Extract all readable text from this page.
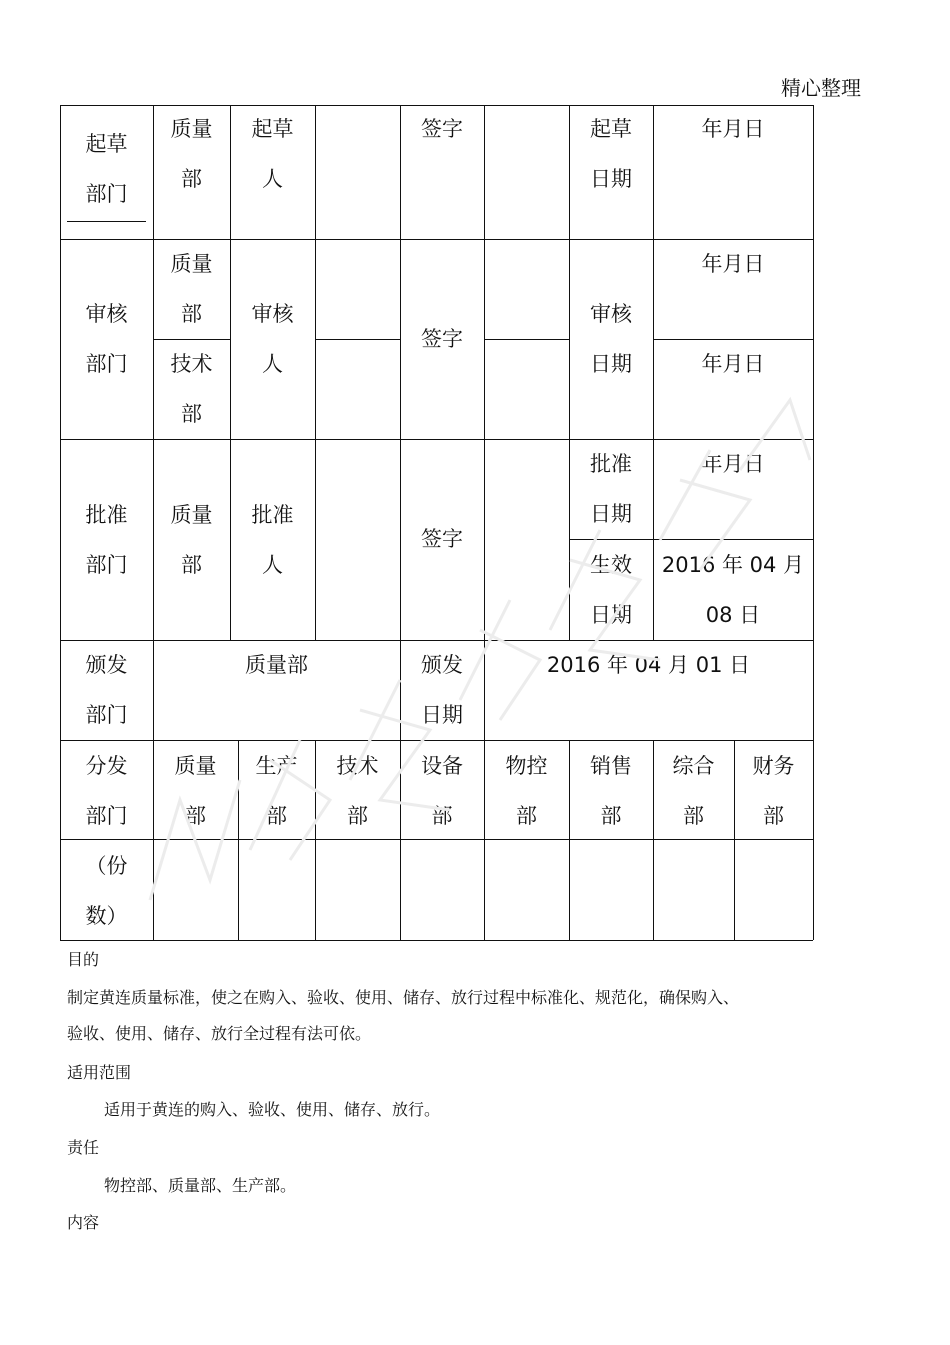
精心整理
起草
部门
质量
部
起草
人
签字	起草
日期
年月日
审核
部门
质量
部
技术
部
审核
人
签字
审核
日期
年月日
年月日
批准
部门
质量
部
批准
人
签字
批准
日期
年月日
生效
日期
2016 年 04 月
08 日
颁发
部门
质量部	颁发
日期
2016 年 04 月 01 日
分发
部门
质量
部
生产
部
技术
部
设备
部
物控
部
销售
部
综合
部
财务
部
（份
数）
目的
制定黄连质量标准，使之在购入、验收、使用、储存、放行过程中标准化、规范化，确保购入、
验收、使用、储存、放行全过程有法可依。
适用范围
适用于黄连的购入、验收、使用、储存、放行。
责任
物控部、质量部、生产部。
内容
